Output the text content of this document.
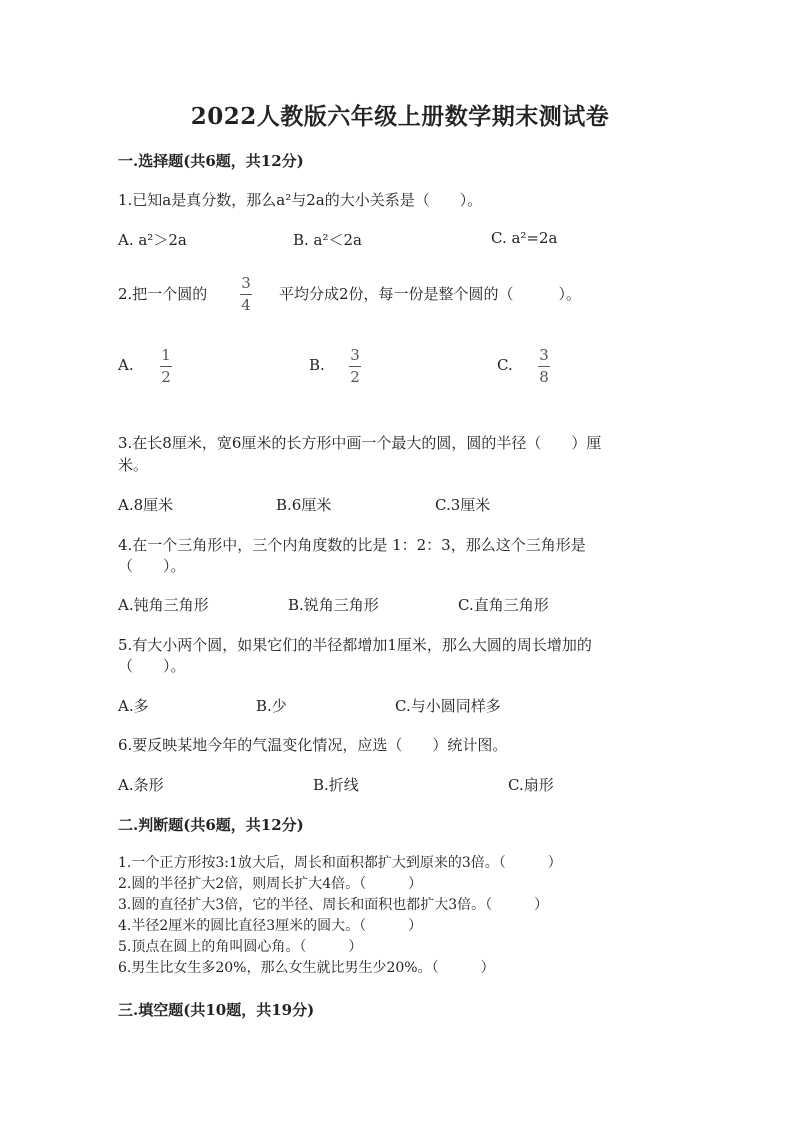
2022人教版六年级上册数学期末测试卷
一.选择题(共6题，共12分)
1.已知a是真分数，那么a²与2a的大小关系是（　　）。
A. a²＞2a	B. a²＜2a	C. a²=2a
2.把一个圆的
3
4
平均分成2份，每一份是整个圆的（　　　）。
A.
1
2
B.
3
2
C.
3
8
3.在长8厘米，宽6厘米的长方形中画一个最大的圆，圆的半径（　　）厘
米。
A.8厘米	B.6厘米	C.3厘米
4.在一个三角形中，三个内角度数的比是 1：2：3，那么这个三角形是
（　　）。
A.钝角三角形	B.锐角三角形	C.直角三角形
5.有大小两个圆，如果它们的半径都增加1厘米，那么大圆的周长增加的
（　　）。
A.多	B.少	C.与小圆同样多
6.要反映某地今年的气温变化情况，应选（　　）统计图。
A.条形	B.折线	C.扇形
二.判断题(共6题，共12分)
1.一个正方形按3:1放大后，周长和面积都扩大到原来的3倍。（　　　）
2.圆的半径扩大2倍，则周长扩大4倍。（　　　）
3.圆的直径扩大3倍，它的半径、周长和面积也都扩大3倍。（　　　）
4.半径2厘米的圆比直径3厘米的圆大。（　　　）
5.顶点在圆上的角叫圆心角。（　　　）
6.男生比女生多20%，那么女生就比男生少20%。（　　　）
三.填空题(共10题，共19分)
